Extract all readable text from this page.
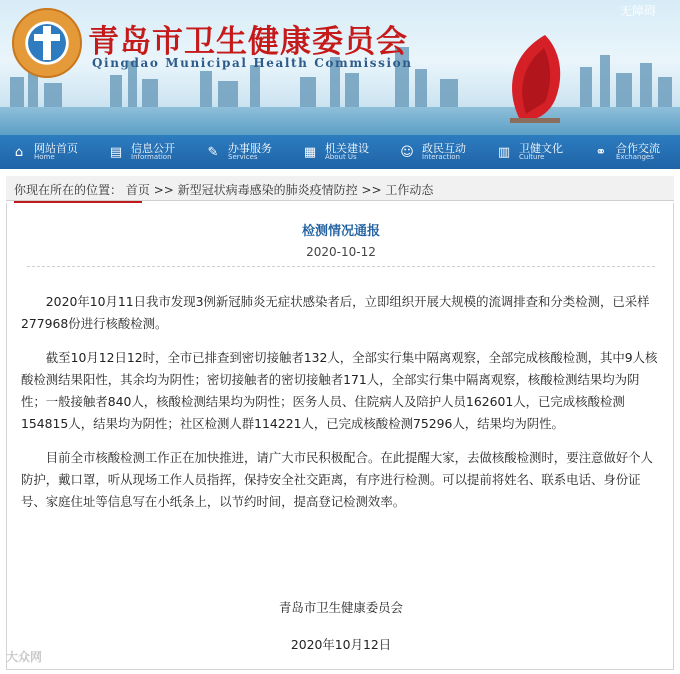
青岛市卫生健康委员会
Qingdao Municipal Health Commission
无障碍
⌂ 网站首页
Home	▤ 信息公开
Information	✎ 办事服务
Services	▦ 机关建设
About Us	☺ 政民互动
Interaction	▥ 卫健文化
Culture	⚭ 合作交流
Exchanges
你现在所在的位置： 首页 >> 新型冠状病毒感染的肺炎疫情防控 >> 工作动态
检测情况通报
2020-10-12

2020年10月11日我市发现3例新冠肺炎无症状感染者后，立即组织开展大规模的流调排查和分类检测，已采样277968份进行核酸检测。

截至10月12日12时，全市已排查到密切接触者132人，全部实行集中隔离观察，全部完成核酸检测，其中9人核酸检测结果阳性，其余均为阴性；密切接触者的密切接触者171人，全部实行集中隔离观察，核酸检测结果均为阴性；一般接触者840人，核酸检测结果均为阴性；医务人员、住院病人及陪护人员162601人，已完成核酸检测154815人，结果均为阴性；社区检测人群114221人，已完成核酸检测75296人，结果均为阴性。

目前全市核酸检测工作正在加快推进，请广大市民积极配合。在此提醒大家，去做核酸检测时，要注意做好个人防护，戴口罩，听从现场工作人员指挥，保持安全社交距离，有序进行检测。可以提前将姓名、联系电话、身份证号、家庭住址等信息写在小纸条上，以节约时间，提高登记检测效率。

青岛市卫生健康委员会
2020年10月12日
大众网
